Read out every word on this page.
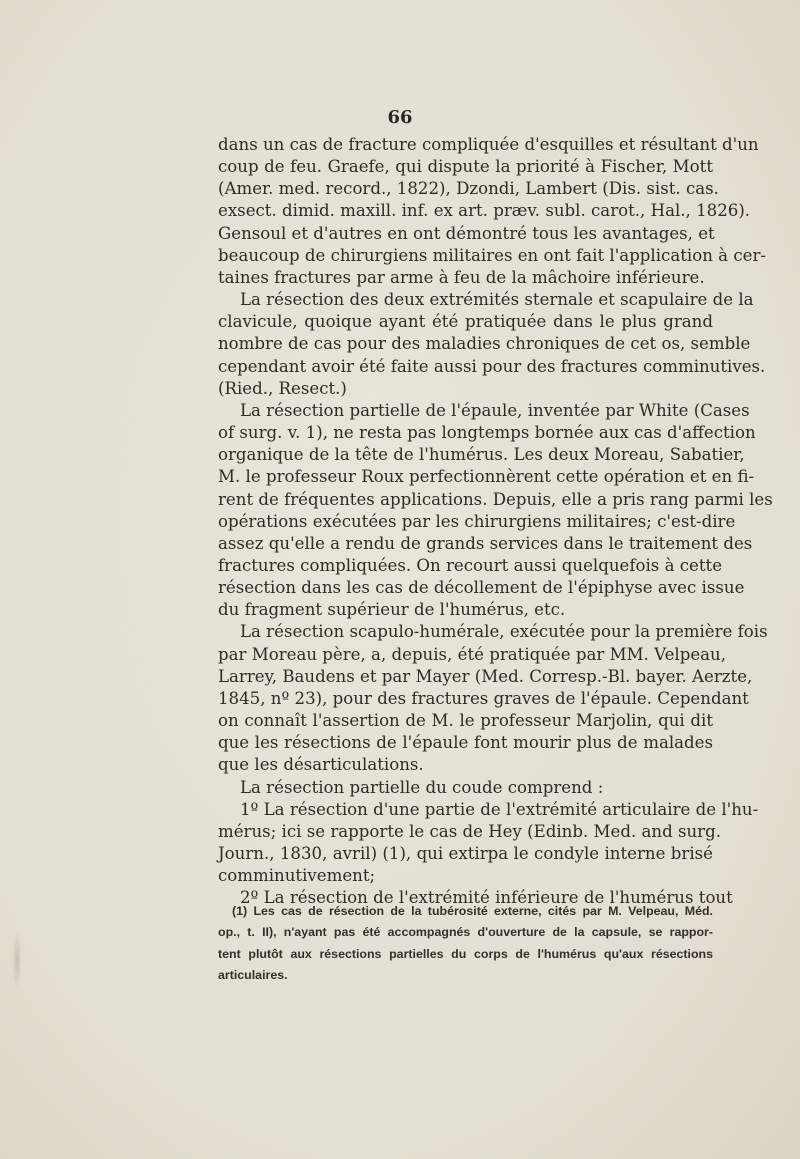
66
dans un cas de fracture compliquée d'esquilles et résultant d'un
coup de feu. Graefe, qui dispute la priorité à Fischer, Mott
(Amer. med. record., 1822), Dzondi, Lambert (Dis. sist. cas.
exsect. dimid. maxill. inf. ex art. præv. subl. carot., Hal., 1826).
Gensoul et d'autres en ont démontré tous les avantages, et
beaucoup de chirurgiens militaires en ont fait l'application à cer-
taines fractures par arme à feu de la mâchoire inférieure.
La résection des deux extrémités sternale et scapulaire de la
clavicule, quoique ayant été pratiquée dans le plus grand
nombre de cas pour des maladies chroniques de cet os, semble
cependant avoir été faite aussi pour des fractures comminutives.
(Ried., Resect.)
La résection partielle de l'épaule, inventée par White (Cases
of surg. v. 1), ne resta pas longtemps bornée aux cas d'affection
organique de la tête de l'humérus. Les deux Moreau, Sabatier,
M. le professeur Roux perfectionnèrent cette opération et en fi-
rent de fréquentes applications. Depuis, elle a pris rang parmi les
opérations exécutées par les chirurgiens militaires; c'est-dire
assez qu'elle a rendu de grands services dans le traitement des
fractures compliquées. On recourt aussi quelquefois à cette
résection dans les cas de décollement de l'épiphyse avec issue
du fragment supérieur de l'humérus, etc.
La résection scapulo-humérale, exécutée pour la première fois
par Moreau père, a, depuis, été pratiquée par MM. Velpeau,
Larrey, Baudens et par Mayer (Med. Corresp.-Bl. bayer. Aerzte,
1845, nº 23), pour des fractures graves de l'épaule. Cependant
on connaît l'assertion de M. le professeur Marjolin, qui dit
que les résections de l'épaule font mourir plus de malades
que les désarticulations.
La résection partielle du coude comprend :
1º La résection d'une partie de l'extrémité articulaire de l'hu-
mérus; ici se rapporte le cas de Hey (Edinb. Med. and surg.
Journ., 1830, avril) (1), qui extirpa le condyle interne brisé
comminutivement;
2º La résection de l'extrémité inférieure de l'humérus tout
(1) Les cas de résection de la tubérosité externe, cités par M. Velpeau, Méd.
op., t. II), n'ayant pas été accompagnés d'ouverture de la capsule, se rappor-
tent plutôt aux résections partielles du corps de l'humérus qu'aux résections
articulaires.
